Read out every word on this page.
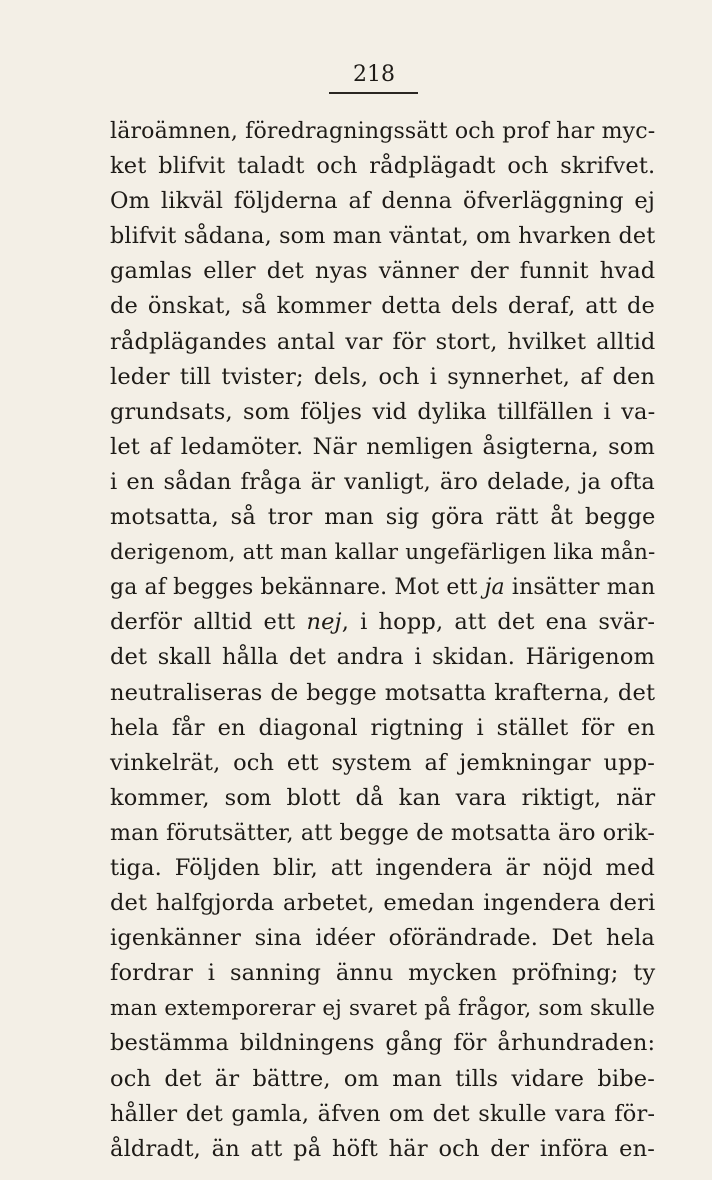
218
läroämnen, föredragningssätt och prof har myc-
ket blifvit taladt och rådplägadt och skrifvet.
Om likväl följderna af denna öfverläggning ej
blifvit sådana, som man väntat, om hvarken det
gamlas eller det nyas vänner der funnit hvad
de önskat, så kommer detta dels deraf, att de
rådplägandes antal var för stort, hvilket alltid
leder till tvister; dels, och i synnerhet, af den
grundsats, som följes vid dylika tillfällen i va-
let af ledamöter. När nemligen åsigterna, som
i en sådan fråga är vanligt, äro delade, ja ofta
motsatta, så tror man sig göra rätt åt begge
derigenom, att man kallar ungefärligen lika mån-
ga af begges bekännare. Mot ett ja insätter man
derför alltid ett nej, i hopp, att det ena svär-
det skall hålla det andra i skidan. Härigenom
neutraliseras de begge motsatta krafterna, det
hela får en diagonal rigtning i stället för en
vinkelrät, och ett system af jemkningar upp-
kommer, som blott då kan vara riktigt, när
man förutsätter, att begge de motsatta äro orik-
tiga. Följden blir, att ingendera är nöjd med
det halfgjorda arbetet, emedan ingendera deri
igenkänner sina idéer oförändrade. Det hela
fordrar i sanning ännu mycken pröfning; ty
man extemporerar ej svaret på frågor, som skulle
bestämma bildningens gång för århundraden:
och det är bättre, om man tills vidare bibe-
håller det gamla, äfven om det skulle vara för-
åldradt, än att på höft här och der införa en-
